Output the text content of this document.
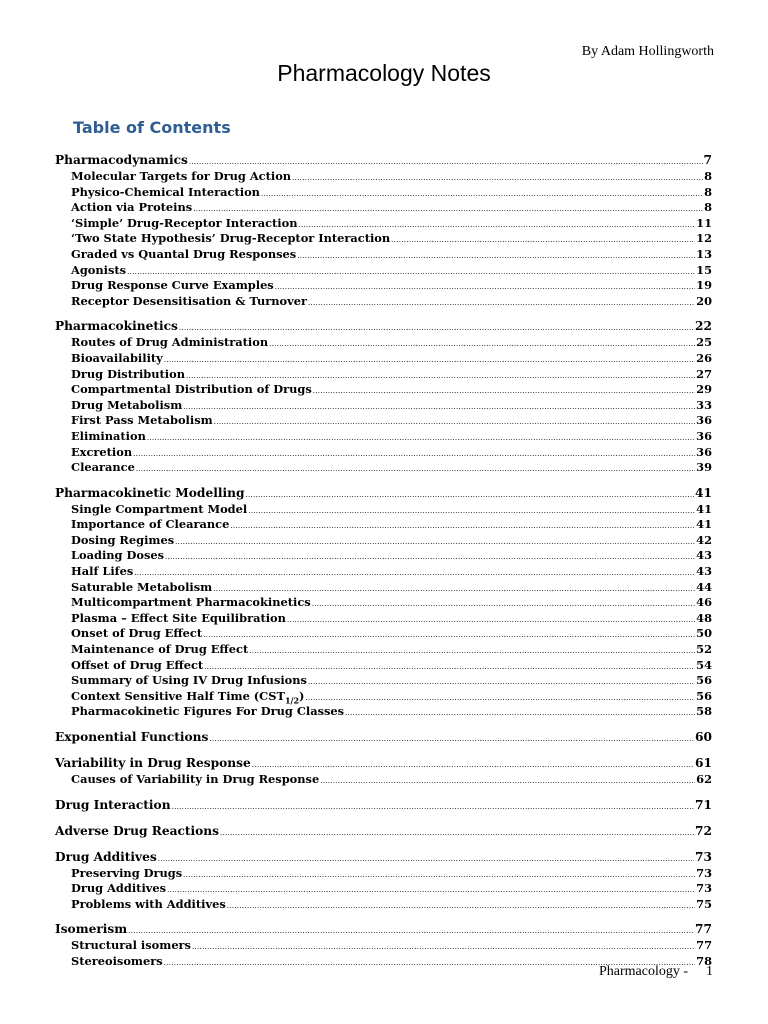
By Adam Hollingworth
Pharmacology Notes
Table of Contents
Pharmacodynamics .....	7
Molecular Targets for Drug Action .....	8
Physico-Chemical Interaction .....	8
Action via Proteins .....	8
‘Simple’ Drug-Receptor Interaction .....	11
‘Two State Hypothesis’ Drug-Receptor Interaction .....	12
Graded vs Quantal Drug Responses .....	13
Agonists .....	15
Drug Response Curve Examples .....	19
Receptor Desensitisation & Turnover .....	20
Pharmacokinetics .....	22
Routes of Drug Administration .....	25
Bioavailability .....	26
Drug Distribution .....	27
Compartmental Distribution of Drugs .....	29
Drug Metabolism .....	33
First Pass Metabolism .....	36
Elimination .....	36
Excretion .....	36
Clearance .....	39
Pharmacokinetic Modelling .....	41
Single Compartment Model .....	41
Importance of Clearance .....	41
Dosing Regimes .....	42
Loading Doses .....	43
Half Lifes .....	43
Saturable Metabolism .....	44
Multicompartment Pharmacokinetics .....	46
Plasma – Effect Site Equilibration .....	48
Onset of Drug Effect .....	50
Maintenance of Drug Effect .....	52
Offset of Drug Effect .....	54
Summary of Using IV Drug Infusions .....	56
Context Sensitive Half Time $(CST_{1/2})$ .....	56
Pharmacokinetic Figures For Drug Classes .....	58
Exponential Functions .....	60
Variability in Drug Response .....	61
Causes of Variability in Drug Response .....	62
Drug Interaction .....	71
Adverse Drug Reactions .....	72
Drug Additives .....	73
Preserving Drugs .....	73
Drug Additives .....	73
Problems with Additives .....	75
Isomerism .....	77
Structural isomers .....	77
Stereoisomers .....	78
Pharmacology - 1
